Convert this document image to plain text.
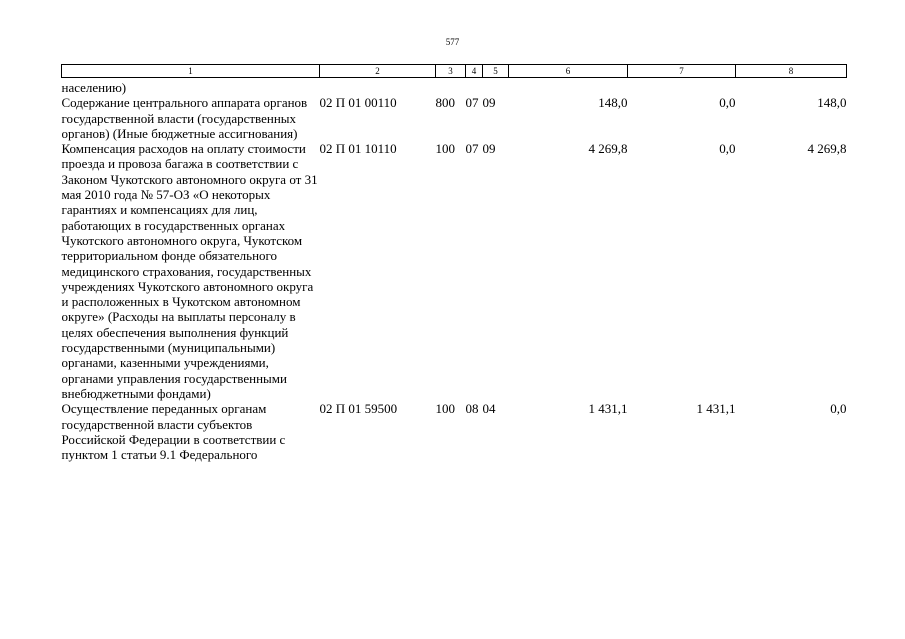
577
1	2	3	4	5	6	7	8

населению)							
Содержание центрального аппарата органов государственной власти (государственных органов) (Иные бюджетные ассигнования)	02 П 01 00110	800	07	09	148,0	0,0	148,0
Компенсация расходов на оплату стоимости проезда и провоза багажа в соответствии с Законом Чукотского автономного округа от 31 мая 2010 года № 57-ОЗ «О некоторых гарантиях и компенсациях для лиц, работающих в государственных органах Чукотского автономного округа, Чукотском территориальном фонде обязательного медицинского страхования, государственных учреждениях Чукотского автономного округа и расположенных в Чукотском автономном округе» (Расходы на выплаты персоналу в целях обеспечения выполнения функций государственными (муниципальными) органами, казенными учреждениями, органами управления государственными внебюджетными фондами)	02 П 01 10110	100	07	09	4 269,8	0,0	4 269,8
Осуществление переданных органам государственной власти субъектов Российской Федерации в соответствии с пунктом 1 статьи 9.1 Федерального	02 П 01 59500	100	08	04	1 431,1	1 431,1	0,0
